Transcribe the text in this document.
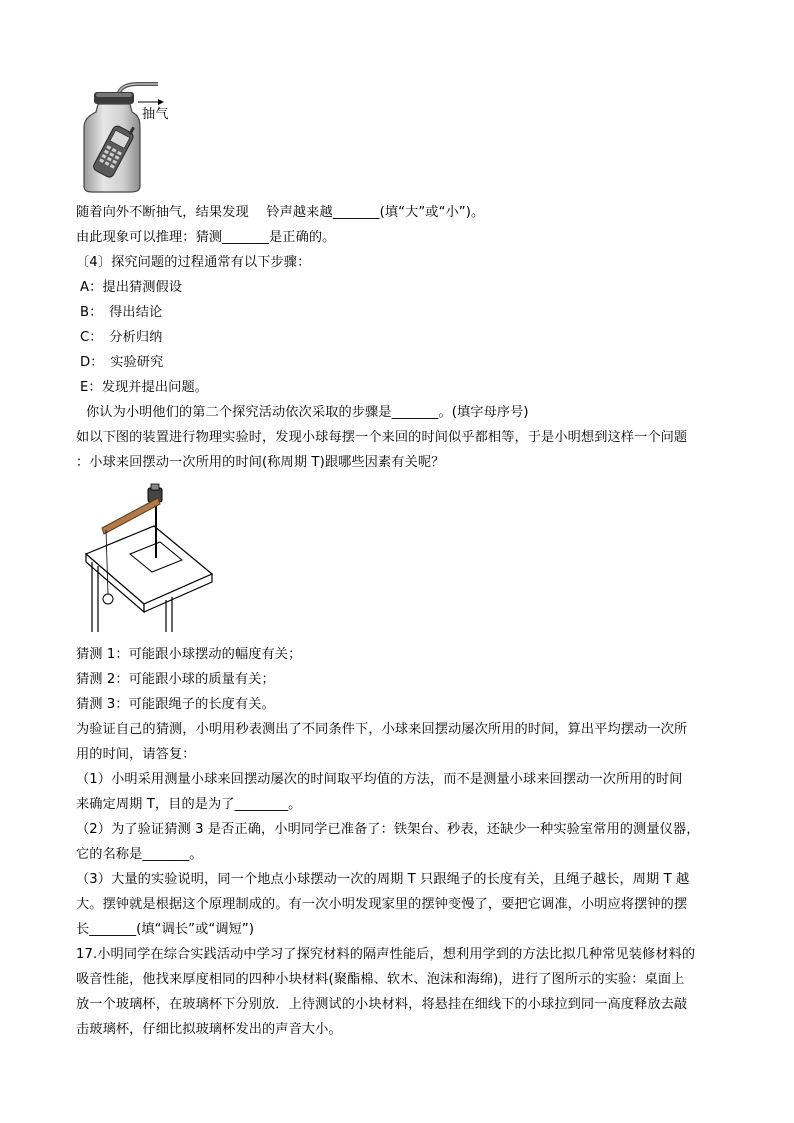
抽气
随着向外不断抽气，结果发现　 铃声越来越_______(填“大”或“小”)。
由此现象可以推理：猜测_______是正确的。
〔4〕探究问题的过程通常有以下步骤：
A：提出猜测假设
B：　得出结论
C：　分析归纳
D：　实验研究
E：发现并提出问题。
你认为小明他们的第二个探究活动依次采取的步骤是_______。(填字母序号)
如以下图的装置进行物理实验时，发现小球每摆一个来回的时间似乎都相等，于是小明想到这样一个问题
：小球来回摆动一次所用的时间(称周期 T)跟哪些因素有关呢？
猜测 1：可能跟小球摆动的幅度有关；
猜测 2：可能跟小球的质量有关；
猜测 3：可能跟绳子的长度有关。
为验证自己的猜测，小明用秒表测出了不同条件下，小球来回摆动屡次所用的时间，算出平均摆动一次所
用的时间，请答复：
（1）小明采用测量小球来回摆动屡次的时间取平均值的方法，而不是测量小球来回摆动一次所用的时间
来确定周期 T，目的是为了________。
（2）为了验证猜测 3 是否正确，小明同学已准备了：铁架台、秒表，还缺少一种实验室常用的测量仪器，
它的名称是_______。
（3）大量的实验说明，同一个地点小球摆动一次的周期 T 只跟绳子的长度有关，且绳子越长，周期 T 越
大。摆钟就是根据这个原理制成的。有一次小明发现家里的摆钟变慢了，要把它调准，小明应将摆钟的摆
长_______(填“调长”或“调短”)
17.小明同学在综合实践活动中学习了探究材料的隔声性能后，想利用学到的方法比拟几种常见装修材料的
吸音性能，他找来厚度相同的四种小块材料(聚酯棉、软木、泡沫和海绵)，进行了图所示的实验：桌面上
放一个玻璃杯，在玻璃杯下分别放．上待测试的小块材料，将悬挂在细线下的小球拉到同一高度释放去敲
击玻璃杯，仔细比拟玻璃杯发出的声音大小。
